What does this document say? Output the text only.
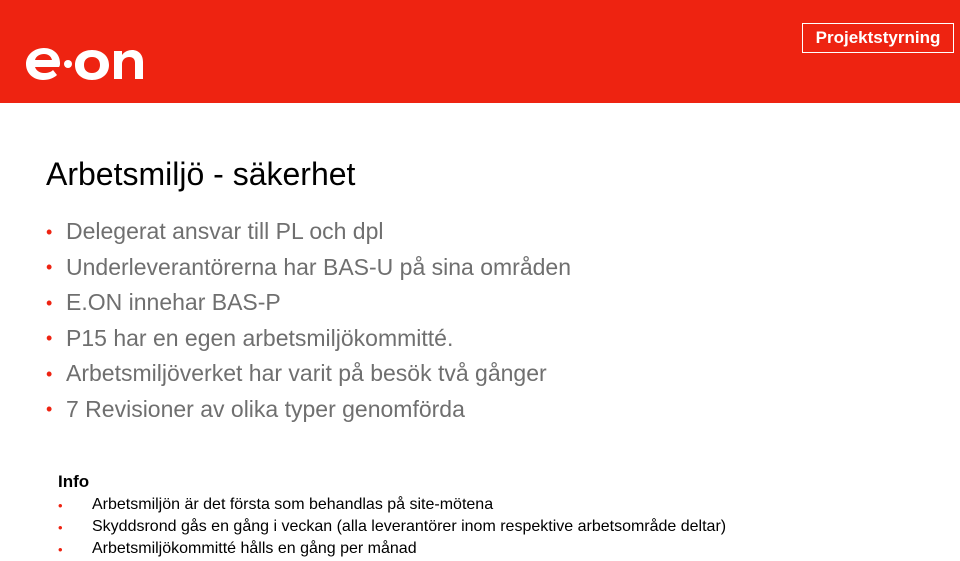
Projektstyrning
Arbetsmiljö - säkerhet
• Delegerat ansvar till PL och dpl
• Underleverantörerna har BAS-U på sina områden
• E.ON innehar BAS-P
• P15 har en egen arbetsmiljökommitté.
• Arbetsmiljöverket har varit på besök två gånger
• 7 Revisioner av olika typer genomförda
Info
•	Arbetsmiljön är det första som behandlas på site-mötena
•	Skyddsrond gås en gång i veckan (alla leverantörer inom respektive arbetsområde deltar)
•	Arbetsmiljökommitté hålls en gång per månad
